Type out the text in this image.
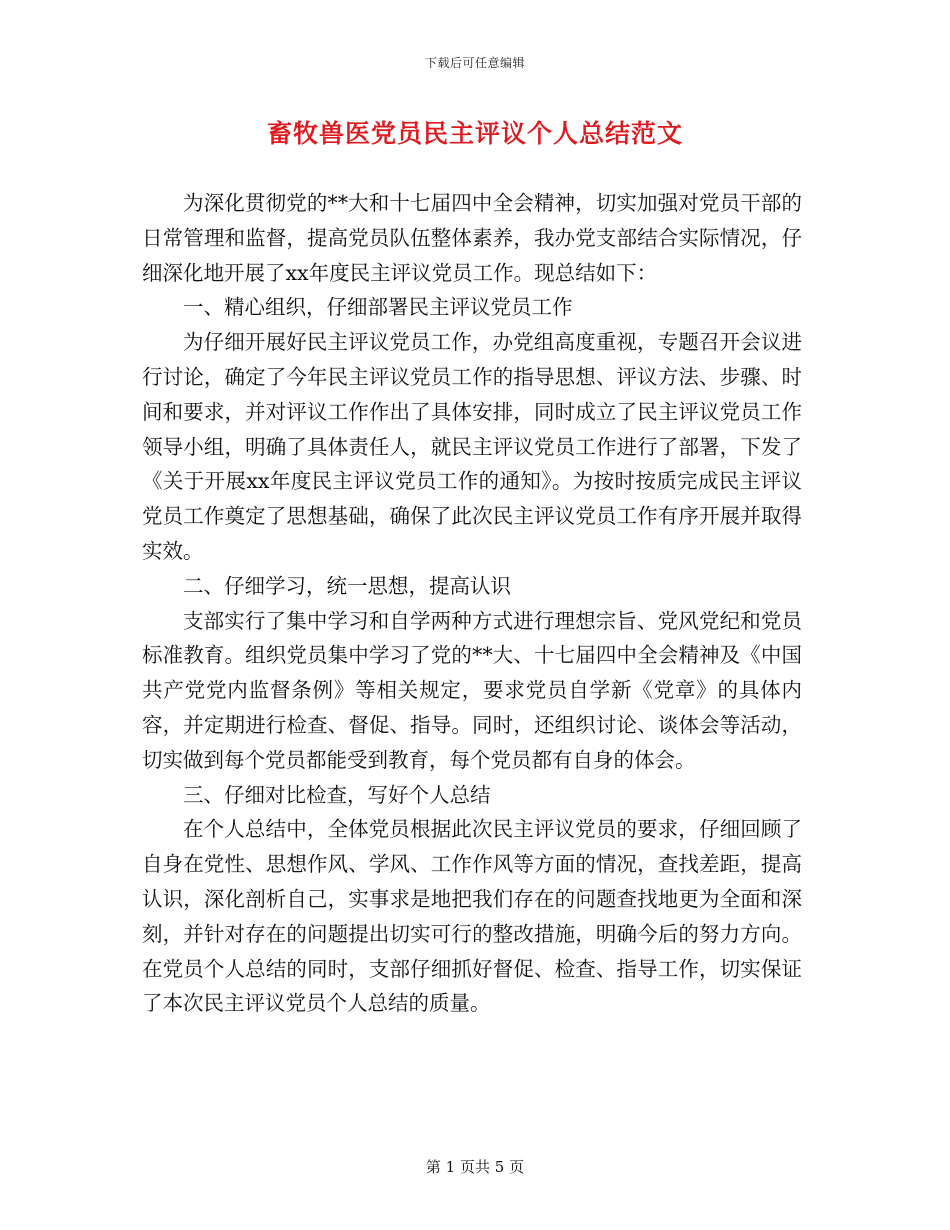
下载后可任意编辑
畜牧兽医党员民主评议个人总结范文

为深化贯彻党的**大和十七届四中全会精神，切实加强对党员干部的日常管理和监督，提高党员队伍整体素养，我办党支部结合实际情况，仔细深化地开展了xx年度民主评议党员工作。现总结如下：

一、精心组织，仔细部署民主评议党员工作

为仔细开展好民主评议党员工作，办党组高度重视，专题召开会议进行讨论，确定了今年民主评议党员工作的指导思想、评议方法、步骤、时间和要求，并对评议工作作出了具体安排，同时成立了民主评议党员工作领导小组，明确了具体责任人，就民主评议党员工作进行了部署，下发了《关于开展xx年度民主评议党员工作的通知》。为按时按质完成民主评议党员工作奠定了思想基础，确保了此次民主评议党员工作有序开展并取得实效。

二、仔细学习，统一思想，提高认识

支部实行了集中学习和自学两种方式进行理想宗旨、党风党纪和党员标准教育。组织党员集中学习了党的**大、十七届四中全会精神及《中国共产党党内监督条例》等相关规定，要求党员自学新《党章》的具体内容，并定期进行检查、督促、指导。同时，还组织讨论、谈体会等活动，切实做到每个党员都能受到教育，每个党员都有自身的体会。

三、仔细对比检查，写好个人总结

在个人总结中，全体党员根据此次民主评议党员的要求，仔细回顾了自身在党性、思想作风、学风、工作作风等方面的情况，查找差距，提高认识，深化剖析自己，实事求是地把我们存在的问题查找地更为全面和深刻，并针对存在的问题提出切实可行的整改措施，明确今后的努力方向。在党员个人总结的同时，支部仔细抓好督促、检查、指导工作，切实保证了本次民主评议党员个人总结的质量。

第 1 页共 5 页
